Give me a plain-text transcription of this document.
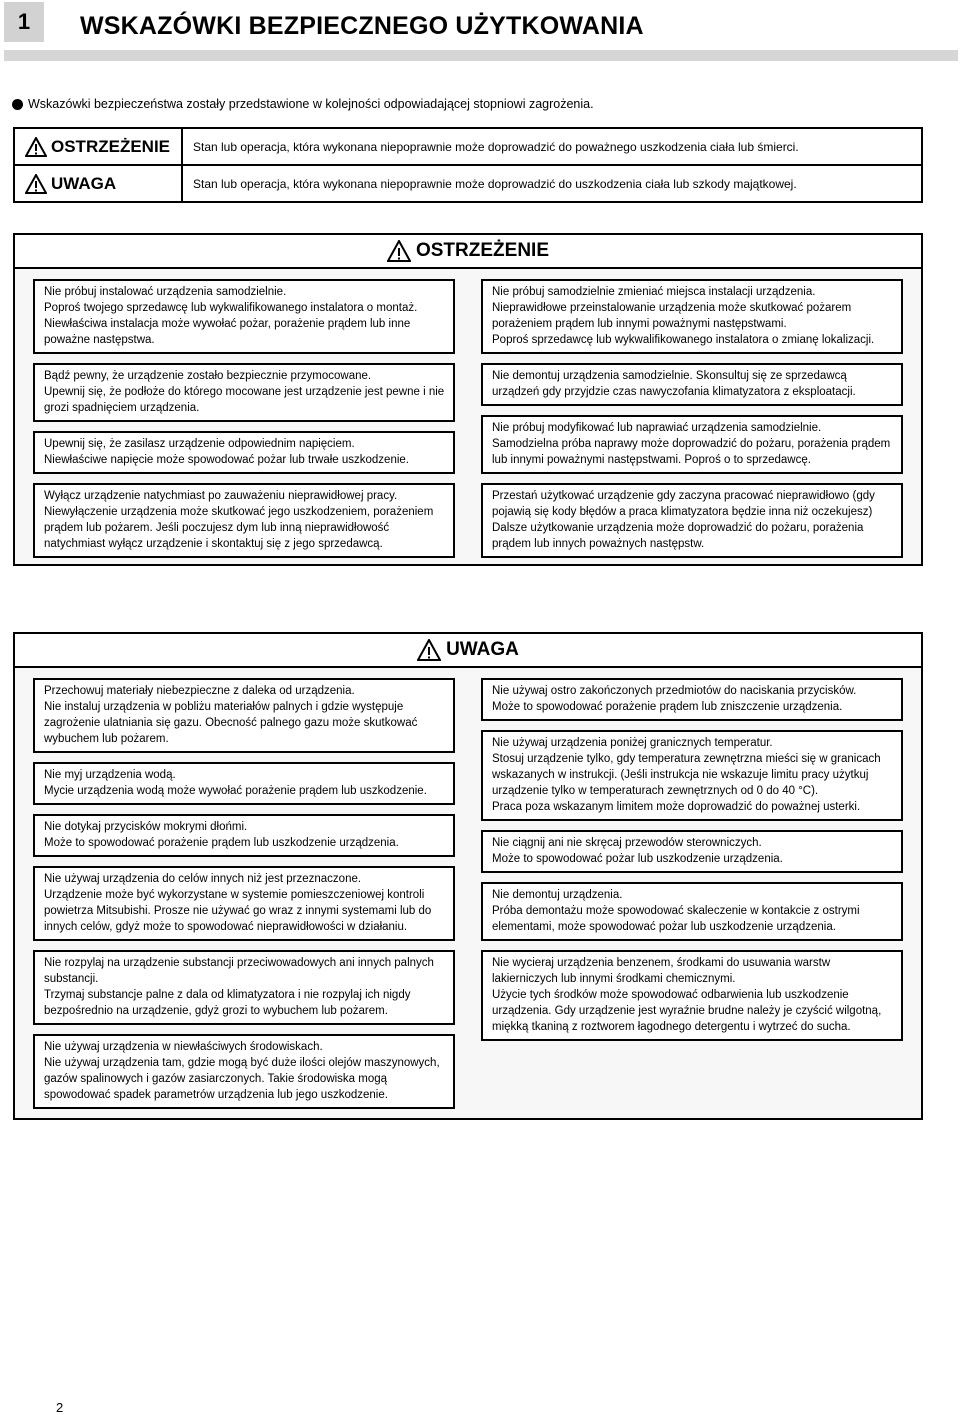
1	WSKAZÓWKI BEZPIECZNEGO UŻYTKOWANIA
Wskazówki bezpieczeństwa zostały przedstawione w kolejności odpowiadającej stopniowi zagrożenia.
OSTRZEŻENIE	Stan lub operacja, która wykonana niepoprawnie może doprowadzić do poważnego uszkodzenia ciała lub śmierci.
UWAGA	Stan lub operacja, która wykonana niepoprawnie może doprowadzić do uszkodzenia ciała lub szkody majątkowej.
OSTRZEŻENIE

Nie próbuj instalować urządzenia samodzielnie.

Poproś twojego sprzedawcę lub wykwalifikowanego instalatora o montaż.

Niewłaściwa instalacja może wywołać pożar, porażenie prądem lub inne poważne następstwa.

Bądź pewny, że urządzenie zostało bezpiecznie przymocowane.

Upewnij się, że podłoże do którego mocowane jest urządzenie jest pewne i nie grozi spadnięciem urządzenia.

Upewnij się, że zasilasz urządzenie odpowiednim napięciem.

Niewłaściwe napięcie może spowodować pożar lub trwałe uszkodzenie.

Wyłącz urządzenie natychmiast po zauważeniu nieprawidłowej pracy.

Niewyłączenie urządzenia może skutkować jego uszkodzeniem, porażeniem prądem lub pożarem. Jeśli poczujesz dym lub inną nieprawidłowość natychmiast wyłącz urządzenie i skontaktuj się z jego sprzedawcą.

Nie próbuj samodzielnie zmieniać miejsca instalacji urządzenia.

Nieprawidłowe przeinstalowanie urządzenia może skutkować pożarem porażeniem prądem lub innymi poważnymi następstwami.

Poproś sprzedawcę lub wykwalifikowanego instalatora o zmianę lokalizacji.

Nie demontuj urządzenia samodzielnie. Skonsultuj się ze sprzedawcą urządzeń gdy przyjdzie czas nawyczofania klimatyzatora z eksploatacji.

Nie próbuj modyfikować lub naprawiać urządzenia samodzielnie.

Samodzielna próba naprawy może doprowadzić do pożaru, porażenia prądem lub innymi poważnymi następstwami. Poproś o to sprzedawcę.

Przestań użytkować urządzenie gdy zaczyna pracować nieprawidłowo (gdy pojawią się kody błędów a praca klimatyzatora będzie inna niż oczekujesz)

Dalsze użytkowanie urządzenia może doprowadzić do pożaru, porażenia prądem lub innych poważnych następstw.

UWAGA

Przechowuj materiały niebezpieczne z daleka od urządzenia.

Nie instaluj urządzenia w pobliżu materiałów palnych i gdzie występuje zagrożenie ulatniania się gazu. Obecność palnego gazu może skutkować wybuchem lub pożarem.

Nie myj urządzenia wodą.

Mycie urządzenia wodą może wywołać porażenie prądem lub uszkodzenie.

Nie dotykaj przycisków mokrymi dłońmi.

Może to spowodować porażenie prądem lub uszkodzenie urządzenia.

Nie używaj urządzenia do celów innych niż jest przeznaczone.

Urządzenie może być wykorzystane w systemie pomieszczeniowej kontroli powietrza Mitsubishi. Prosze nie używać go wraz z innymi systemami lub do innych celów, gdyż może to spowodować nieprawidłowości w działaniu.

Nie rozpylaj na urządzenie substancji przeciwowadowych ani innych palnych substancji.

Trzymaj substancje palne z dala od klimatyzatora i nie rozpylaj ich nigdy bezpośrednio na urządzenie, gdyż grozi to wybuchem lub pożarem.

Nie używaj urządzenia w niewłaściwych środowiskach.

Nie używaj urządzenia tam, gdzie mogą być duże ilości olejów maszynowych, gazów spalinowych i gazów zasiarczonych. Takie środowiska mogą spowodować spadek parametrów urządzenia lub jego uszkodzenie.

Nie używaj ostro zakończonych przedmiotów do naciskania przycisków.

Może to spowodować porażenie prądem lub zniszczenie urządzenia.

Nie używaj urządzenia poniżej granicznych temperatur.

Stosuj urządzenie tylko, gdy temperatura zewnętrzna mieści się w granicach wskazanych w instrukcji. (Jeśli instrukcja nie wskazuje limitu pracy użytkuj urządzenie tylko w temperaturach zewnętrznych od 0 do 40 °C).

Praca poza wskazanym limitem może doprowadzić do poważnej usterki.

Nie ciągnij ani nie skręcaj przewodów sterowniczych.

Może to spowodować pożar lub uszkodzenie urządzenia.

Nie demontuj urządzenia.

Próba demontażu może spowodować skaleczenie w kontakcie z ostrymi elementami, może spowodować pożar lub uszkodzenie urządzenia.

Nie wycieraj urządzenia benzenem, środkami do usuwania warstw lakierniczych lub innymi środkami chemicznymi.

Użycie tych środków może spowodować odbarwienia lub uszkodzenie urządzenia. Gdy urządzenie jest wyraźnie brudne należy je czyścić wilgotną, miękką tkaniną z roztworem łagodnego detergentu i wytrzeć do sucha.

2
